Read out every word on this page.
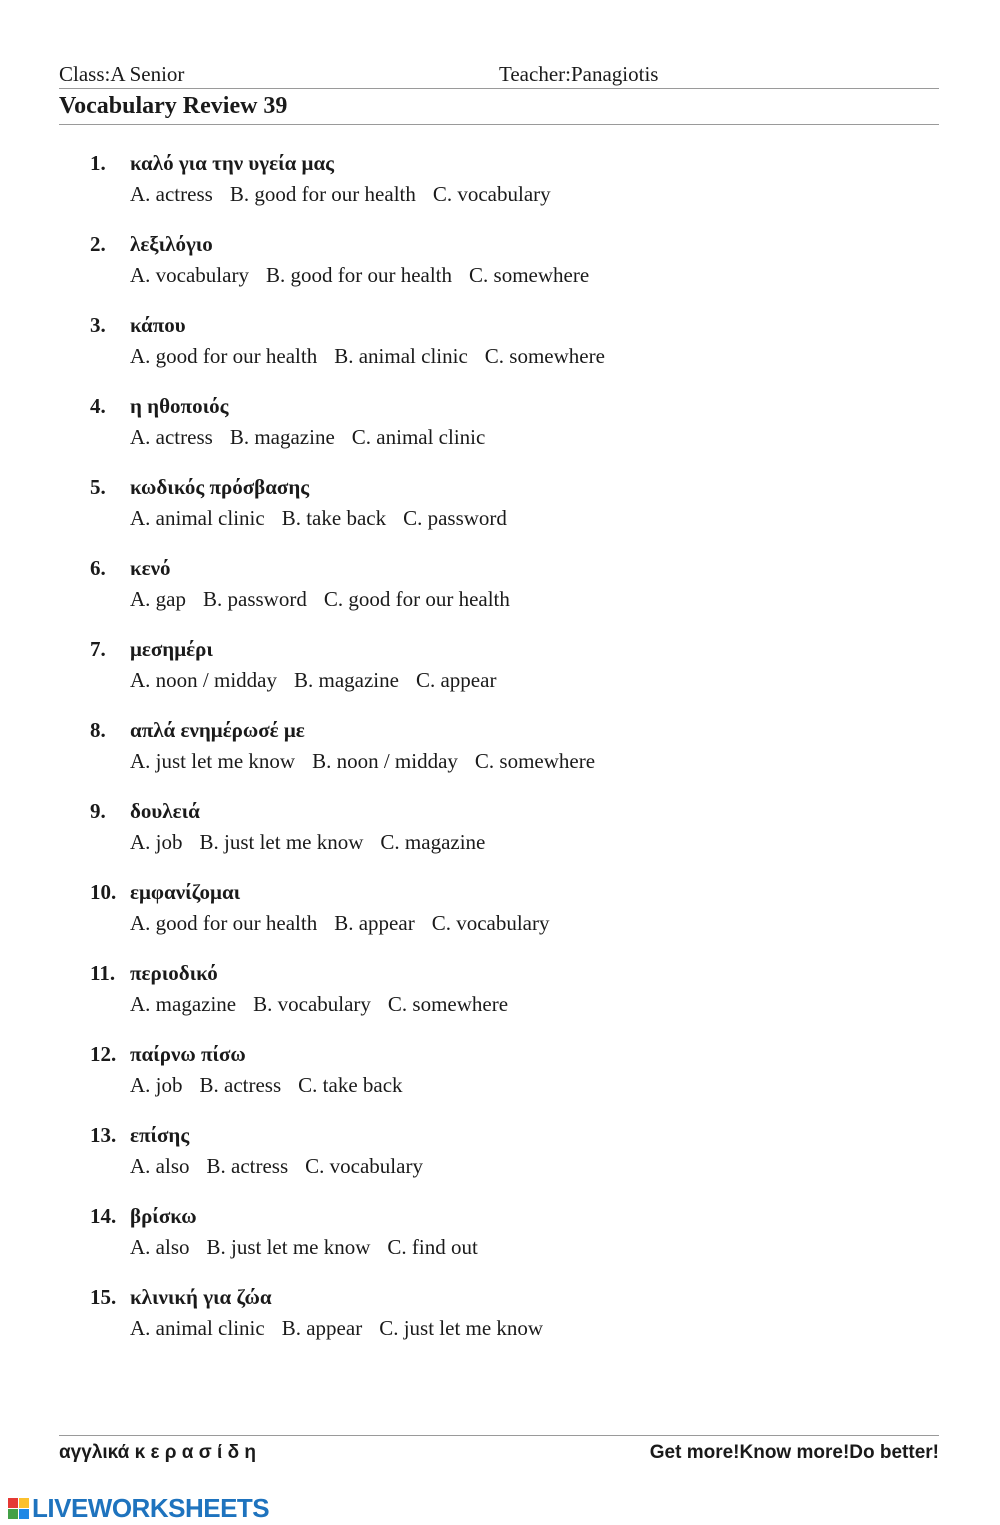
Class:A Senior	Teacher:Panagiotis
Vocabulary Review 39
1. καλό για την υγεία μας
A. actress B. good for our health C. vocabulary
2. λεξιλόγιο
A. vocabulary B. good for our health C. somewhere
3. κάπου
A. good for our health B. animal clinic C. somewhere
4. η ηθοποιός
A. actress B. magazine C. animal clinic
5. κωδικός πρόσβασης
A. animal clinic B. take back C. password
6. κενό
A. gap B. password C. good for our health
7. μεσημέρι
A. noon / midday B. magazine C. appear
8. απλά ενημέρωσέ με
A. just let me know B. noon / midday C. somewhere
9. δουλειά
A. job B. just let me know C. magazine
10. εμφανίζομαι
A. good for our health B. appear C. vocabulary
11. περιοδικό
A. magazine B. vocabulary C. somewhere
12. παίρνω πίσω
A. job B. actress C. take back
13. επίσης
A. also B. actress C. vocabulary
14. βρίσκω
A. also B. just let me know C. find out
15. κλινική για ζώα
A. animal clinic B. appear C. just let me know
αγγλικά κ ε ρ α σ ί δ η	Get more!Know more!Do better!
LIVEWORKSHEETS
